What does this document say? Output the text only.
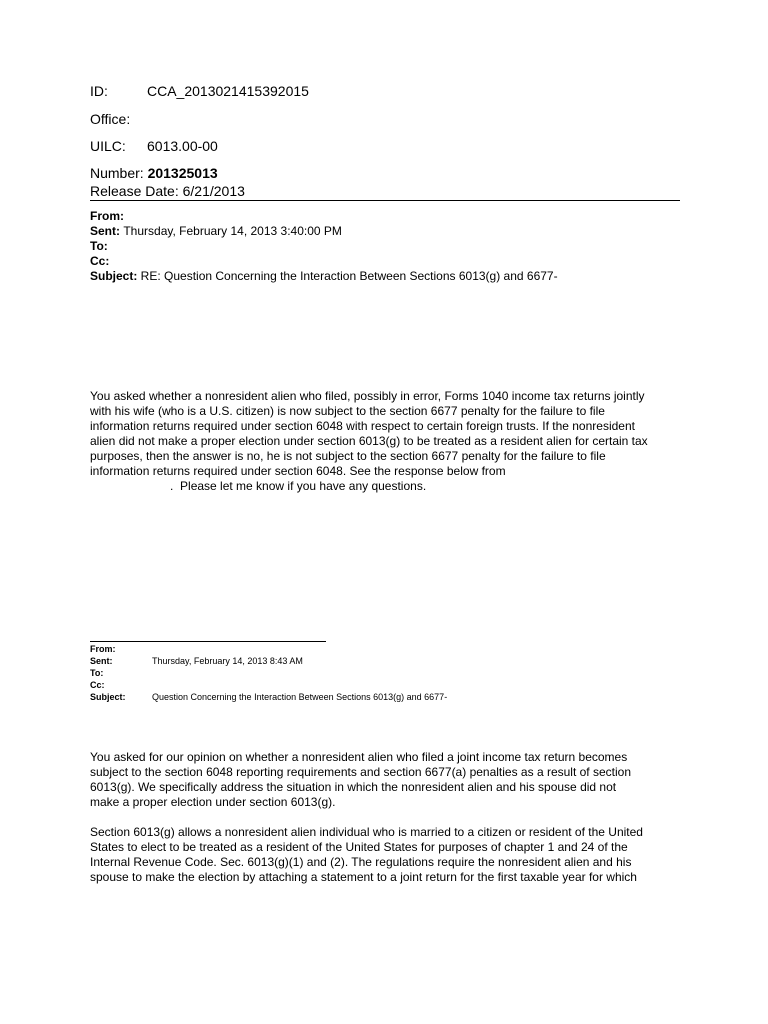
ID:	CCA_2013021415392015
Office:
UILC: 6013.00-00
Number: 201325013
Release Date: 6/21/2013
From:
Sent: Thursday, February 14, 2013 3:40:00 PM
To:
Cc:
Subject: RE: Question Concerning the Interaction Between Sections 6013(g) and 6677-
You asked whether a nonresident alien who filed, possibly in error, Forms 1040 income tax returns jointly
with his wife (who is a U.S. citizen) is now subject to the section 6677 penalty for the failure to file
information returns required under section 6048 with respect to certain foreign trusts. If the nonresident
alien did not make a proper election under section 6013(g) to be treated as a resident alien for certain tax
purposes, then the answer is no, he is not subject to the section 6677 penalty for the failure to file
information returns required under section 6048. See the response below from
.  Please let me know if you have any questions.
From:
Sent:	Thursday, February 14, 2013 8:43 AM
To:
Cc:
Subject:	Question Concerning the Interaction Between Sections 6013(g) and 6677-
You asked for our opinion on whether a nonresident alien who filed a joint income tax return becomes
subject to the section 6048 reporting requirements and section 6677(a) penalties as a result of section
6013(g). We specifically address the situation in which the nonresident alien and his spouse did not
make a proper election under section 6013(g).
Section 6013(g) allows a nonresident alien individual who is married to a citizen or resident of the United
States to elect to be treated as a resident of the United States for purposes of chapter 1 and 24 of the
Internal Revenue Code. Sec. 6013(g)(1) and (2). The regulations require the nonresident alien and his
spouse to make the election by attaching a statement to a joint return for the first taxable year for which
